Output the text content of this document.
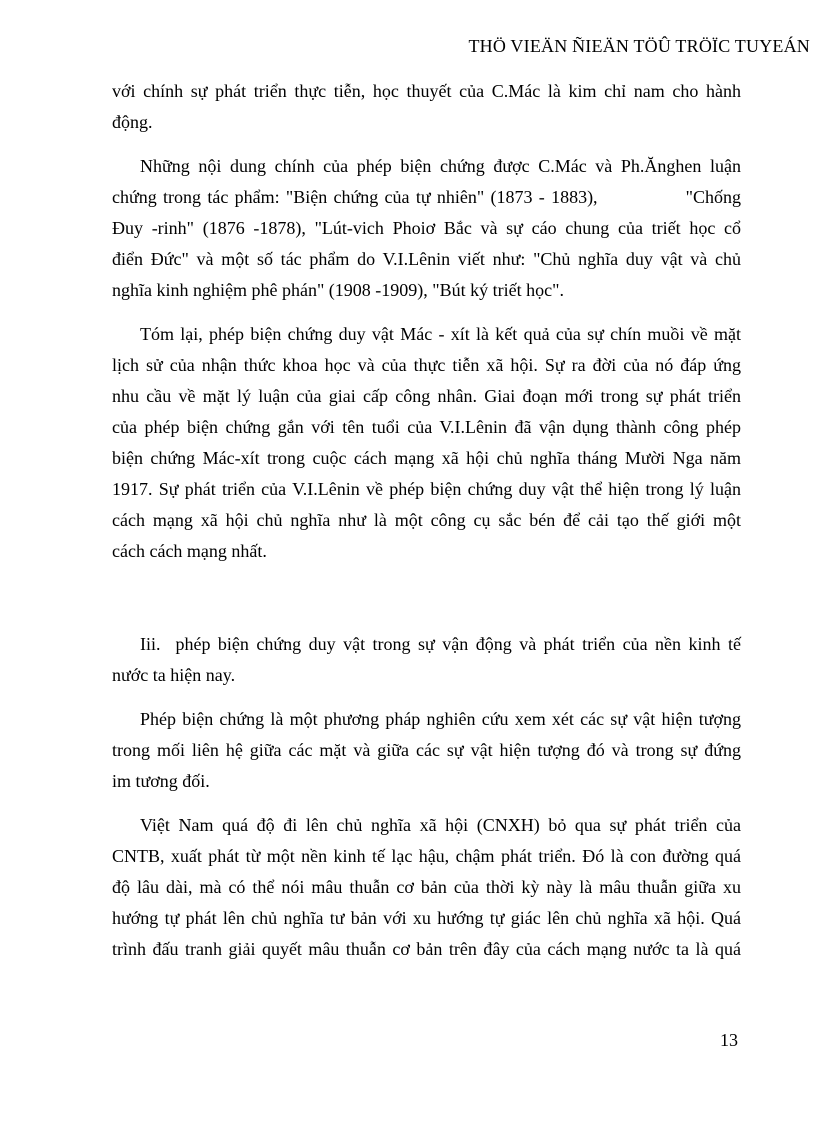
THÖ VIEÄN ÑIEÄN TÖÛ TRÖÏC TUYEÁN

với chính sự phát triển thực tiễn, học thuyết của C.Mác là kim chỉ nam cho hành
động.

Những nội dung chính của phép biện chứng được C.Mác và Ph.Ănghen luận
chứng trong tác phẩm: "Biện chứng của tự nhiên" (1873 - 1883),              "Chống
Đuy -rinh" (1876 -1878), "Lút-vich Phoiơ Bắc và sự cáo chung của triết học cổ
điển Đức" và một số tác phẩm do V.I.Lênin viết như: "Chủ nghĩa duy vật và chủ
nghĩa kinh nghiệm phê phán" (1908 -1909), "Bút ký triết học".

Tóm lại, phép biện chứng duy vật Mác - xít là kết quả của sự chín muồi về mặt
lịch sử của nhận thức khoa học và của thực tiễn xã hội. Sự ra đời của nó đáp ứng
nhu cầu về mặt lý luận của giai cấp công nhân. Giai đoạn mới trong sự phát triển
của phép biện chứng gắn với tên tuổi của V.I.Lênin đã vận dụng thành công phép
biện chứng Mác-xít trong cuộc cách mạng xã hội chủ nghĩa tháng Mười Nga năm
1917. Sự phát triển của V.I.Lênin về phép biện chứng duy vật thể hiện trong lý luận
cách mạng xã hội chủ nghĩa như là một công cụ sắc bén để cải tạo thế giới một
cách cách mạng nhất.

Iii.  phép biện chứng duy vật trong sự vận động và phát triển của nền kinh tế
nước ta hiện nay.

Phép biện chứng là một phương pháp nghiên cứu xem xét các sự vật hiện tượng
trong mối liên hệ giữa các mặt và giữa các sự vật hiện tượng đó và trong sự đứng
im tương đối.

Việt Nam quá độ đi lên chủ nghĩa xã hội (CNXH) bỏ qua sự phát triển của
CNTB, xuất phát từ một nền kinh tế lạc hậu, chậm phát triển. Đó là con đường quá
độ lâu dài, mà có thể nói mâu thuẫn cơ bản của thời kỳ này là mâu thuẫn giữa xu
hướng tự phát lên chủ nghĩa tư bản với xu hướng tự giác lên chủ nghĩa xã hội. Quá
trình đấu tranh giải quyết mâu thuẫn cơ bản trên đây của cách mạng nước ta là quá

13
